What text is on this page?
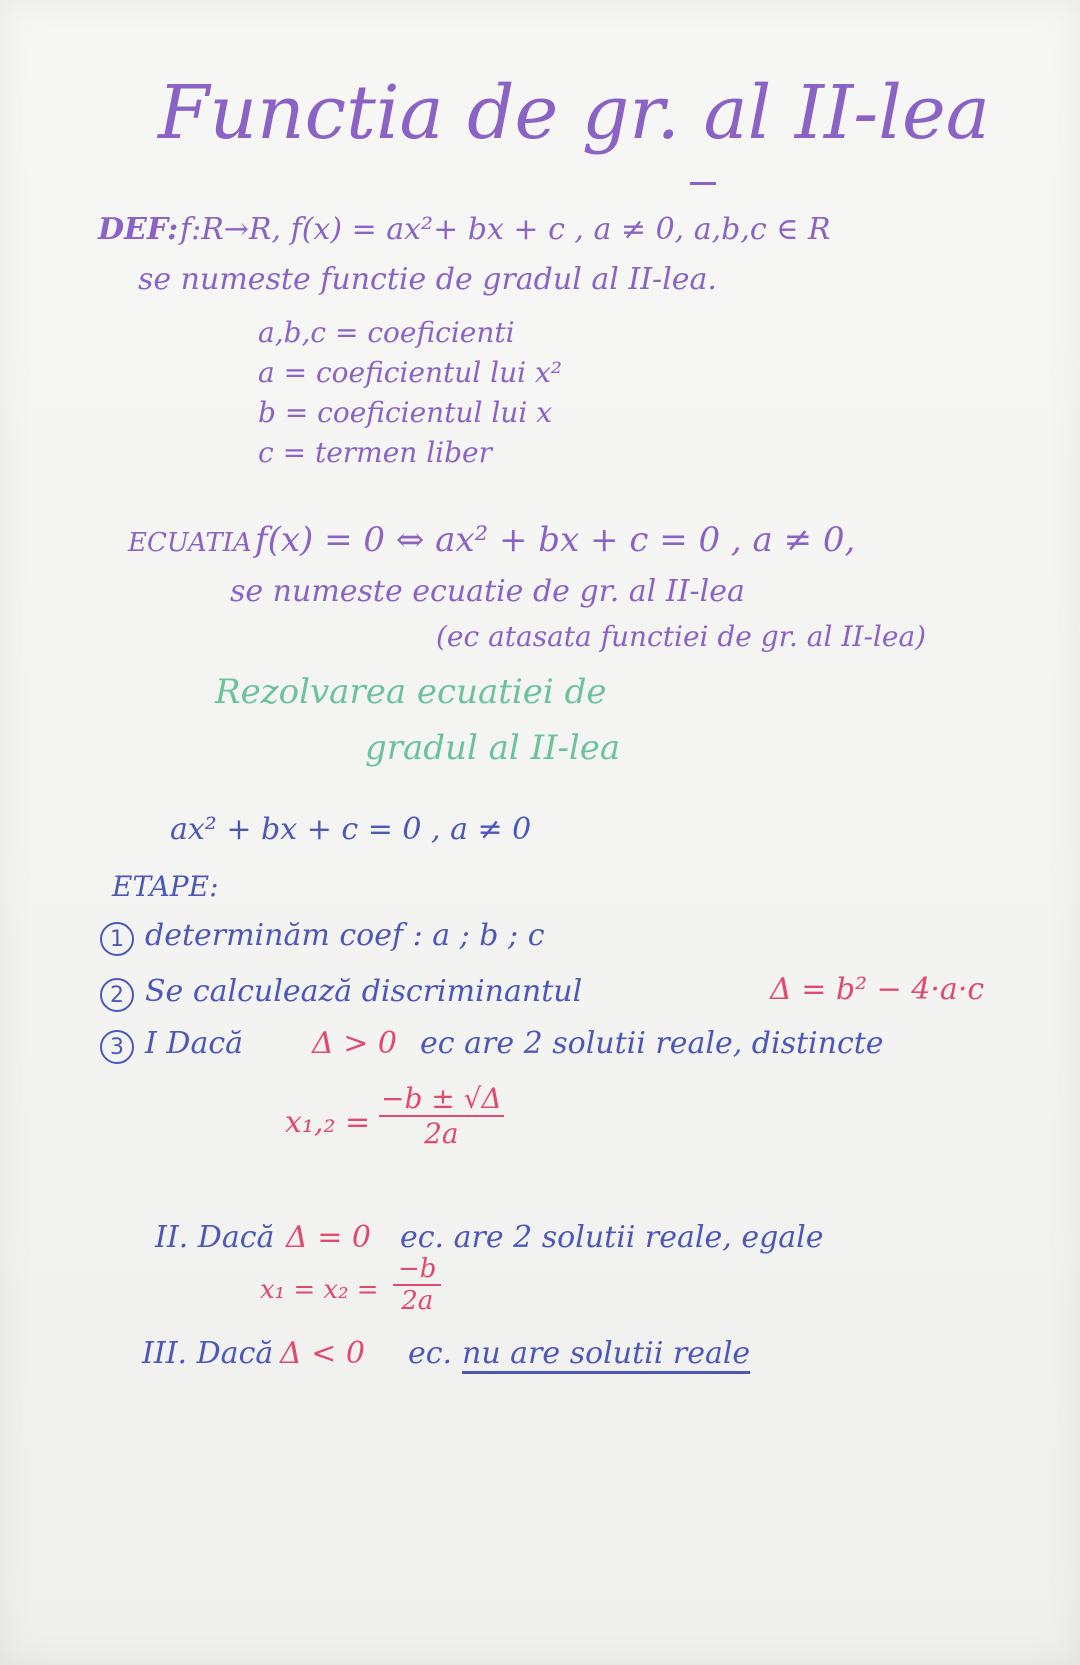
Functia de gr. al II-lea
DEF: f:R→R, f(x) = ax²+ bx + c , a ≠ 0, a,b,c ∈ R
se numeste functie de gradul al II-lea.
a,b,c = coeficienti
a = coeficientul lui x²
b = coeficientul lui x
c = termen liber
ECUATIA f(x) = 0 ⇔ ax² + bx + c = 0 , a ≠ 0,
se numeste ecuatie de gr. al II-lea
(ec atasata functiei de gr. al II-lea)
Rezolvarea ecuatiei de
gradul al II-lea
ax² + bx + c = 0 , a ≠ 0
ETAPE:
1 determinăm coef : a ; b ; c
2 Se calculează discriminantul	Δ = b² − 4·a·c
3 I Dacă Δ > 0 ec are 2 solutii reale, distincte
x₁,₂ =
−b ± √Δ
2a
II. Dacă Δ = 0 ec. are 2 solutii reale, egale
x₁ = x₂ =
−b
2a
III. Dacă Δ < 0 ec. nu are solutii reale
